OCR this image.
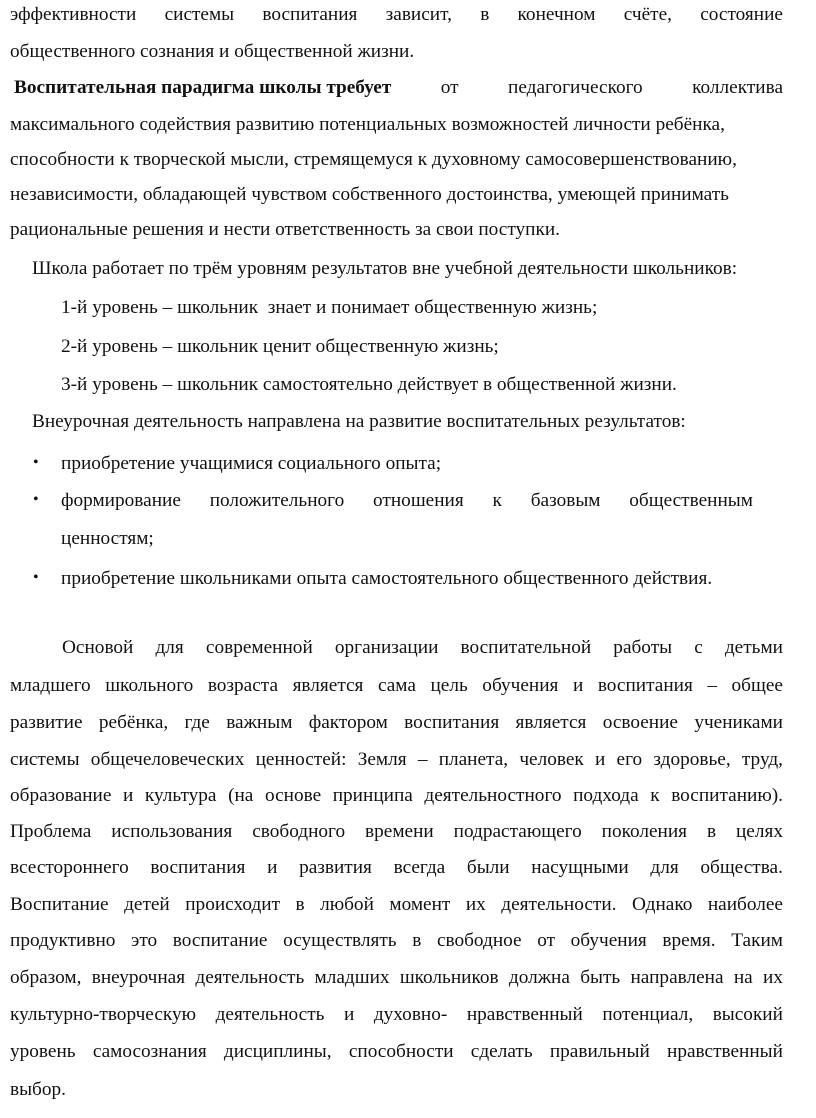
эффективности системы воспитания зависит, в конечном счёте, состояние
общественного сознания и общественной жизни.
Воспитательная парадигма школы требует	от	педагогического	коллектива
максимального содействия развитию потенциальных возможностей личности ребёнка,
способности к творческой мысли, стремящемуся к духовному самосовершенствованию,
независимости, обладающей чувством собственного достоинства, умеющей принимать
рациональные решения и нести ответственность за свои поступки.
Школа работает по трём уровням результатов вне учебной деятельности школьников:
1-й уровень – школьник  знает и понимает общественную жизнь;
2-й уровень – школьник ценит общественную жизнь;
3-й уровень – школьник самостоятельно действует в общественной жизни.
Внеурочная деятельность направлена на развитие воспитательных результатов:
• приобретение учащимися социального опыта;
• формирование положительного отношения к базовым общественным
ценностям;
• приобретение школьниками опыта самостоятельного общественного действия.
Основой для современной организации воспитательной работы с детьми
младшего школьного возраста является сама цель обучения и воспитания – общее
развитие ребёнка, где важным фактором воспитания является освоение учениками
системы общечеловеческих ценностей: Земля – планета, человек и его здоровье, труд,
образование и культура (на основе принципа деятельностного подхода к воспитанию).
Проблема использования свободного времени подрастающего поколения в целях
всестороннего воспитания и развития всегда были насущными для общества.
Воспитание детей происходит в любой момент их деятельности. Однако наиболее
продуктивно это воспитание осуществлять в свободное от обучения время. Таким
образом, внеурочная деятельность младших школьников должна быть направлена на их
культурно-творческую деятельность и духовно- нравственный потенциал, высокий
уровень самосознания дисциплины, способности сделать правильный нравственный
выбор.
